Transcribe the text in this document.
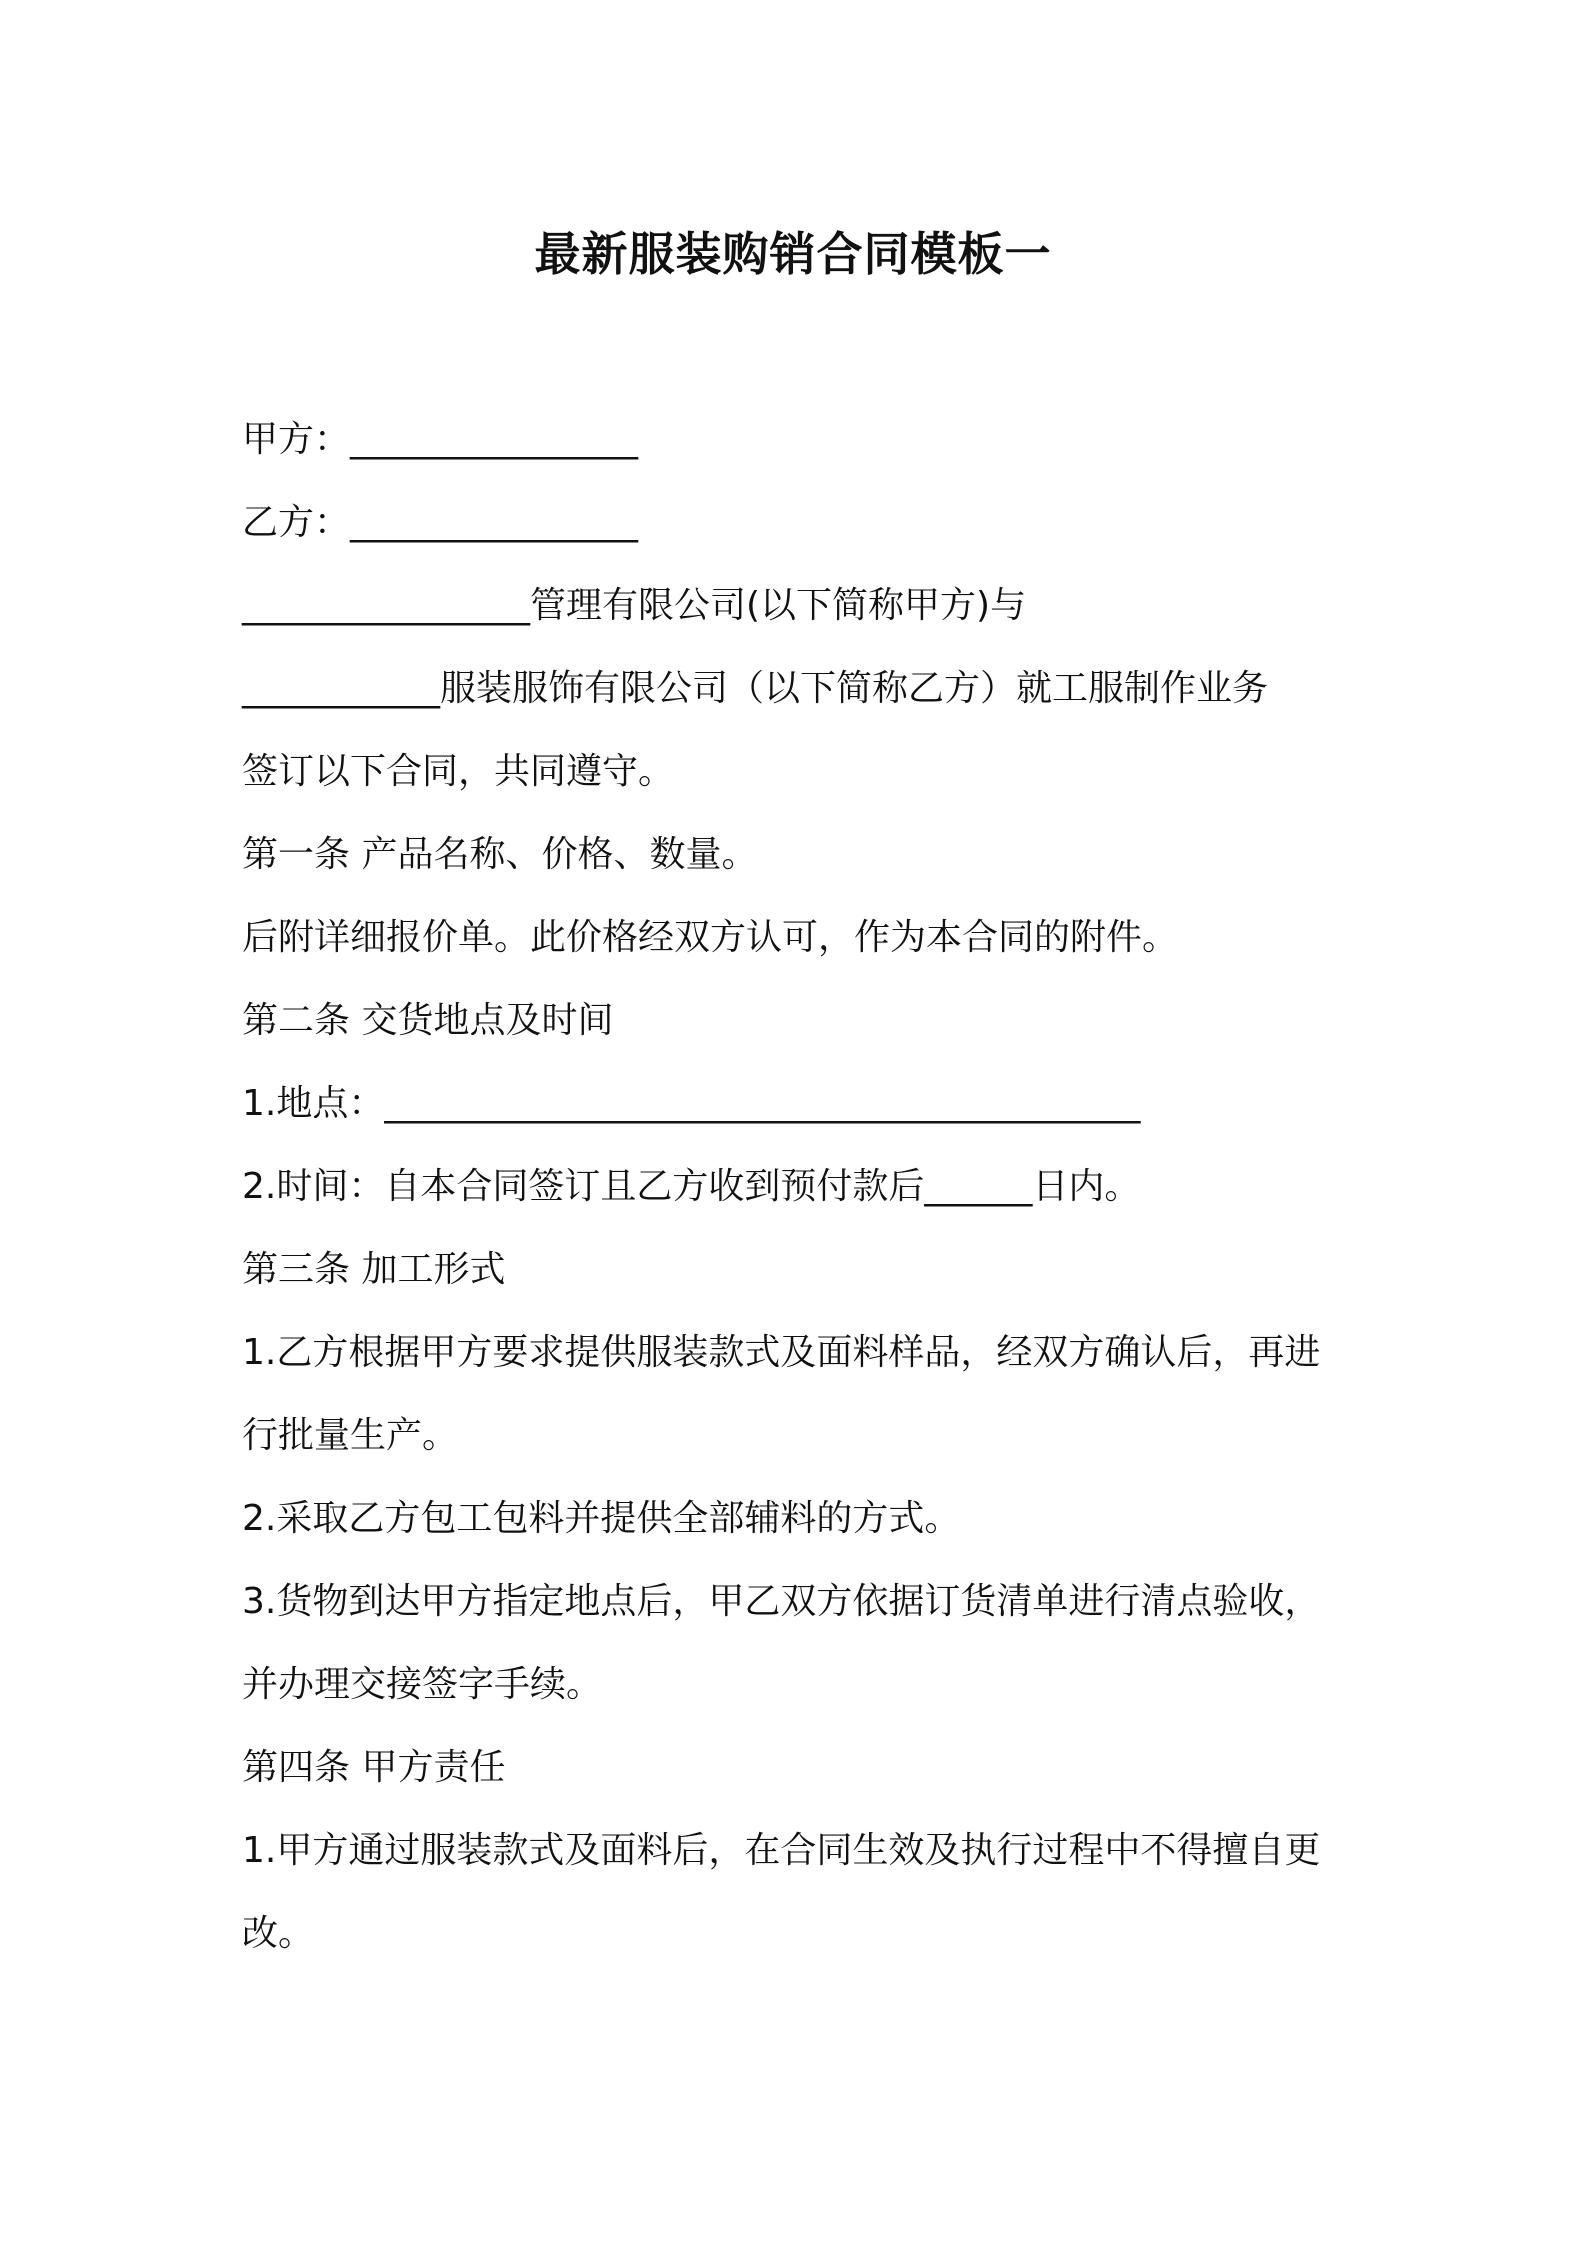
最新服装购销合同模板一
甲方：________________
乙方：________________
________________管理有限公司(以下简称甲方)与
___________服装服饰有限公司（以下简称乙方）就工服制作业务
签订以下合同，共同遵守。
第一条 产品名称、价格、数量。
后附详细报价单。此价格经双方认可，作为本合同的附件。
第二条 交货地点及时间
1.地点：__________________________________________
2.时间：自本合同签订且乙方收到预付款后______日内。
第三条 加工形式
1.乙方根据甲方要求提供服装款式及面料样品，经双方确认后，再进
行批量生产。
2.采取乙方包工包料并提供全部辅料的方式。
3.货物到达甲方指定地点后，甲乙双方依据订货清单进行清点验收，
并办理交接签字手续。
第四条 甲方责任
1.甲方通过服装款式及面料后，在合同生效及执行过程中不得擅自更
改。
